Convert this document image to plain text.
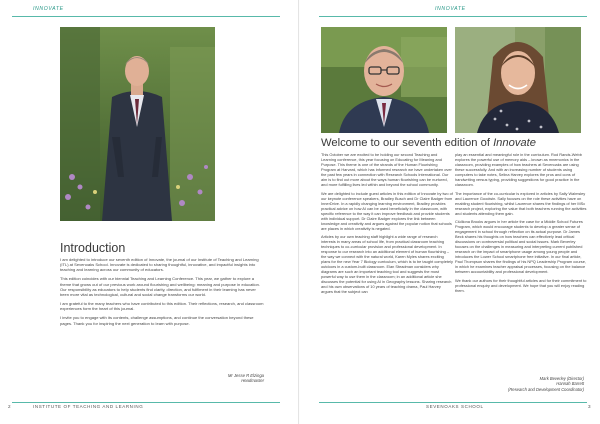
INNOVATE
Introduction

I am delighted to introduce our seventh edition of Innovate, the journal of our Institute of Teaching and Learning (ITL) at Sevenoaks School. Innovate is dedicated to sharing thoughtful, innovative, and impactful insights into teaching and learning across our community of educators.

This edition coincides with our biennial Teaching and Learning Conference. This year, we gather to explore a theme that grows out of our previous work around flourishing and wellbeing: meaning and purpose in education. Our responsibility as educators to help students find clarity, direction, and fulfilment in their learning has never been more vital as technological, cultural and social change transforms our world.

I am grateful to the many teachers who have contributed to this edition. Their reflections, research, and classroom experiences form the heart of this journal.

I invite you to engage with its contents, challenge assumptions, and continue the conversation beyond these pages. Thank you for inspiring the next generation to learn with purpose.

Mr Jesse R Elzinga
Headmaster
2	INSTITUTE OF TEACHING AND LEARNING
INNOVATE
Welcome to our seventh edition of Innovate

This October we are excited to be holding our second Teaching and Learning conference, this year focusing on Educating for Meaning and Purpose. This theme is one of the strands of the Human Flourishing Program at Harvard, which has informed research we have undertaken over the past few years in connection with Research Schools International. Our aim is to find out more about the ways human flourishing can be nurtured, and more fulfilling lives led within and beyond the school community.

We are delighted to include guest articles in this edition of Innovate by two of our keynote conference speakers, Bradley Busch and Dr Claire Badger from InnerDrive. In a rapidly changing learning environment, Bradley provides practical advice on how AI can be used beneficially in the classroom, with specific reference to the way it can improve feedback and provide students with individual support. Dr Claire Badger explores the link between knowledge and creativity and argues against the popular notion that schools are places in which creativity is negated.

Articles by our own teaching staff highlight a wide range of research interests in many areas of school life, from practical classroom teaching techniques to co-curricular provision and professional development. In response to our research into an additional element of human flourishing – the way we connect with the natural world, Karen Myles shares exciting plans for the new Year 7 Biology curriculum, which is to be taught completely outdoors in a custom-built classroom. Elan Steadman considers why diagrams are such an important teaching tool and suggests the most powerful way to use them in the classroom; in an additional article she discusses the potential for using AI in Geography lessons. Sharing research and his own observations of 10 years of teaching drama, Paul Harvey argues that the subject can

play an essential and meaningful role in the curriculum. Rod Rands-Webb explores the powerful use of memory aids – known as mnemonics in the classroom, providing examples of how teachers at Sevenoaks are using these successfully. And with an increasing number of students using computers to take notes, Selina Harvey explores the pros and cons of handwriting versus typing, providing suggestions for good practice in the classroom.

The importance of the co-curricular is explored in articles by Sally Walmsley and Laurence Goodwin. Sally focuses on the role these activities have on enabling student flourishing, whilst Laurence shares the findings of her MSc research project, exploring the value that both teachers running the activities and students attending them gain.

Ciúlliona Brooks argues in her article the case for a Middle School Futures Program, which would encourage students to develop a greater sense of engagement in school through reflection on its actual purpose. Dr James Beck shares his thoughts on how teachers can effectively lead critical discussions on controversial political and social issues. Mark Beverley focuses on the challenges in measuring and interpreting current published research on the impact of smartphone usage among young people and introduces the Lower School smartphone free initiative. In our final article, Paul Thompson shares the findings of his NPQ Leadership Program course, in which he examines teacher appraisal processes, focusing on the balance between accountability and professional development.

We thank our authors for their thoughtful articles and for their commitment to professional enquiry and development. We hope that you will enjoy reading them.

Mark Beverley (Director)
Hannah Barrett
(Research and Development Coordinator)
SEVENOAKS SCHOOL	3
